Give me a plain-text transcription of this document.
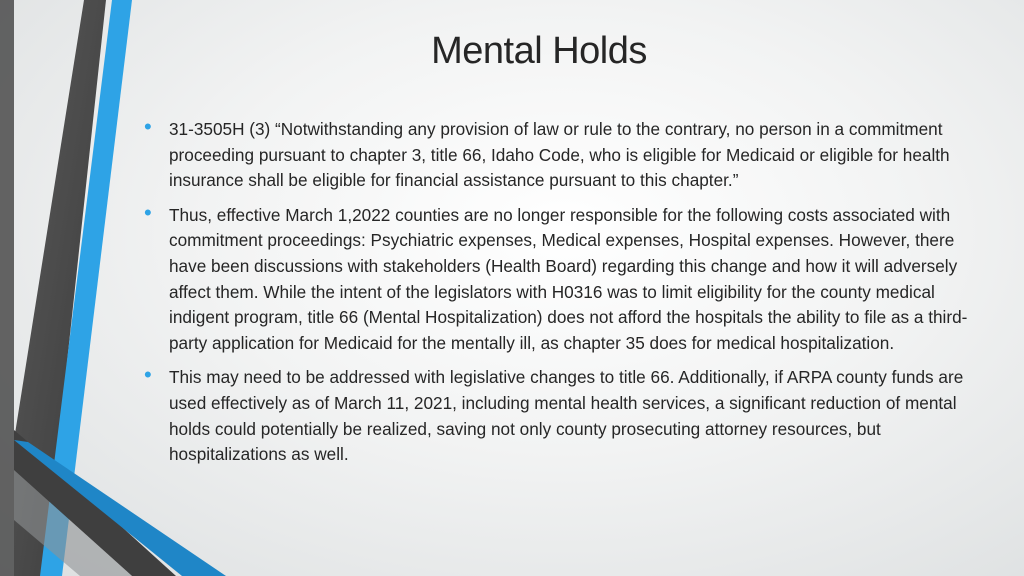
Mental Holds
• 31-3505H (3) “Notwithstanding any provision of law or rule to the contrary, no person in a commitment proceeding pursuant to chapter 3, title 66, Idaho Code, who is eligible for Medicaid or eligible for health insurance shall be eligible for financial assistance pursuant to this chapter.”
• Thus, effective March 1,2022 counties are no longer responsible for the following costs associated with commitment proceedings: Psychiatric expenses, Medical expenses, Hospital expenses. However, there have been discussions with stakeholders (Health Board) regarding this change and how it will adversely affect them. While the intent of the legislators with H0316 was to limit eligibility for the county medical indigent program, title 66 (Mental Hospitalization) does not afford the hospitals the ability to file as a third-party application for Medicaid for the mentally ill, as chapter 35 does for medical hospitalization.
• This may need to be addressed with legislative changes to title 66. Additionally, if ARPA county funds are used effectively as of March 11, 2021, including mental health services, a significant reduction of mental holds could potentially be realized, saving not only county prosecuting attorney resources, but hospitalizations as well.
